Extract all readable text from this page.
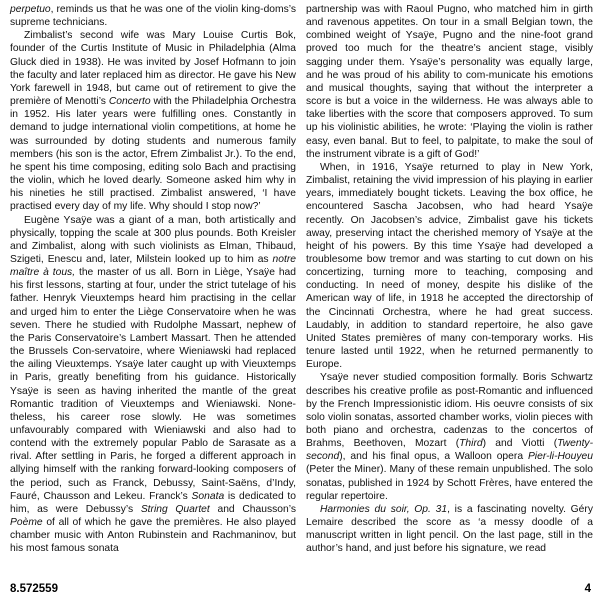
perpetuo, reminds us that he was one of the violin king-doms’s supreme technicians.

Zimbalist’s second wife was Mary Louise Curtis Bok, founder of the Curtis Institute of Music in Philadelphia (Alma Gluck died in 1938). He was invited by Josef Hofmann to join the faculty and later replaced him as director. He gave his New York farewell in 1948, but came out of retirement to give the première of Menotti’s Concerto with the Philadelphia Orchestra in 1952. His later years were fulfilling ones. Constantly in demand to judge international violin competitions, at home he was surrounded by doting students and numerous family members (his son is the actor, Efrem Zimbalist Jr.). To the end, he spent his time composing, editing solo Bach and practising the violin, which he loved dearly. Someone asked him why in his nineties he still practised. Zimbalist answered, ‘I have practised every day of my life. Why should I stop now?’

Eugène Ysaÿe was a giant of a man, both artistically and physically, topping the scale at 300 plus pounds. Both Kreisler and Zimbalist, along with such violinists as Elman, Thibaud, Szigeti, Enescu and, later, Milstein looked up to him as notre maître à tous, the master of us all. Born in Liège, Ysaÿe had his first lessons, starting at four, under the strict tutelage of his father. Henryk Vieuxtemps heard him practising in the cellar and urged him to enter the Liège Conservatoire when he was seven. There he studied with Rudolphe Massart, nephew of the Paris Conservatoire’s Lambert Massart. Then he attended the Brussels Con-servatoire, where Wieniawski had replaced the ailing Vieuxtemps. Ysaÿe later caught up with Vieuxtemps in Paris, greatly benefiting from his guidance. Historically Ysaÿe is seen as having inherited the mantle of the great Romantic tradition of Vieuxtemps and Wieniawski. None-theless, his career rose slowly. He was sometimes unfavourably compared with Wieniawski and also had to contend with the extremely popular Pablo de Sarasate as a rival. After settling in Paris, he forged a different approach in allying himself with the ranking forward-looking composers of the period, such as Franck, Debussy, Saint-Saëns, d’Indy, Fauré, Chausson and Lekeu. Franck’s Sonata is dedicated to him, as were Debussy’s String Quartet and Chausson’s Poème of all of which he gave the premières. He also played chamber music with Anton Rubinstein and Rachmaninov, but his most famous sonata

partnership was with Raoul Pugno, who matched him in girth and ravenous appetites. On tour in a small Belgian town, the combined weight of Ysaÿe, Pugno and the nine-foot grand proved too much for the theatre’s ancient stage, visibly sagging under them. Ysaÿe’s personality was equally large, and he was proud of his ability to com-municate his emotions and musical thoughts, saying that without the interpreter a score is but a voice in the wilderness. He was always able to take liberties with the score that composers approved. To sum up his violinistic abilities, he wrote: ‘Playing the violin is rather easy, even banal. But to feel, to palpitate, to make the soul of the instrument vibrate is a gift of God!’

When, in 1916, Ysaÿe returned to play in New York, Zimbalist, retaining the vivid impression of his playing in earlier years, immediately bought tickets. Leaving the box office, he encountered Sascha Jacobsen, who had heard Ysaÿe recently. On Jacobsen’s advice, Zimbalist gave his tickets away, preserving intact the cherished memory of Ysaÿe at the height of his powers. By this time Ysaÿe had developed a troublesome bow tremor and was starting to cut down on his concertizing, turning more to teaching, composing and conducting. In need of money, despite his dislike of the American way of life, in 1918 he accepted the directorship of the Cincinnati Orchestra, where he had great success. Laudably, in addition to standard repertoire, he also gave United States premières of many con-temporary works. His tenure lasted until 1922, when he returned permanently to Europe.

Ysaÿe never studied composition formally. Boris Schwartz describes his creative profile as post-Romantic and influenced by the French Impressionistic idiom. His oeuvre consists of six solo violin sonatas, assorted chamber works, violin pieces with both piano and orchestra, cadenzas to the concertos of Brahms, Beethoven, Mozart (Third) and Viotti (Twenty-second), and his final opus, a Walloon opera Pier-li-Houyeu (Peter the Miner). Many of these remain unpublished. The solo sonatas, published in 1924 by Schott Frères, have entered the regular repertoire.

Harmonies du soir, Op. 31, is a fascinating novelty. Géry Lemaire described the score as ‘a messy doodle of a manuscript written in light pencil. On the last page, still in the author’s hand, and just before his signature, we read

8.572559	4
